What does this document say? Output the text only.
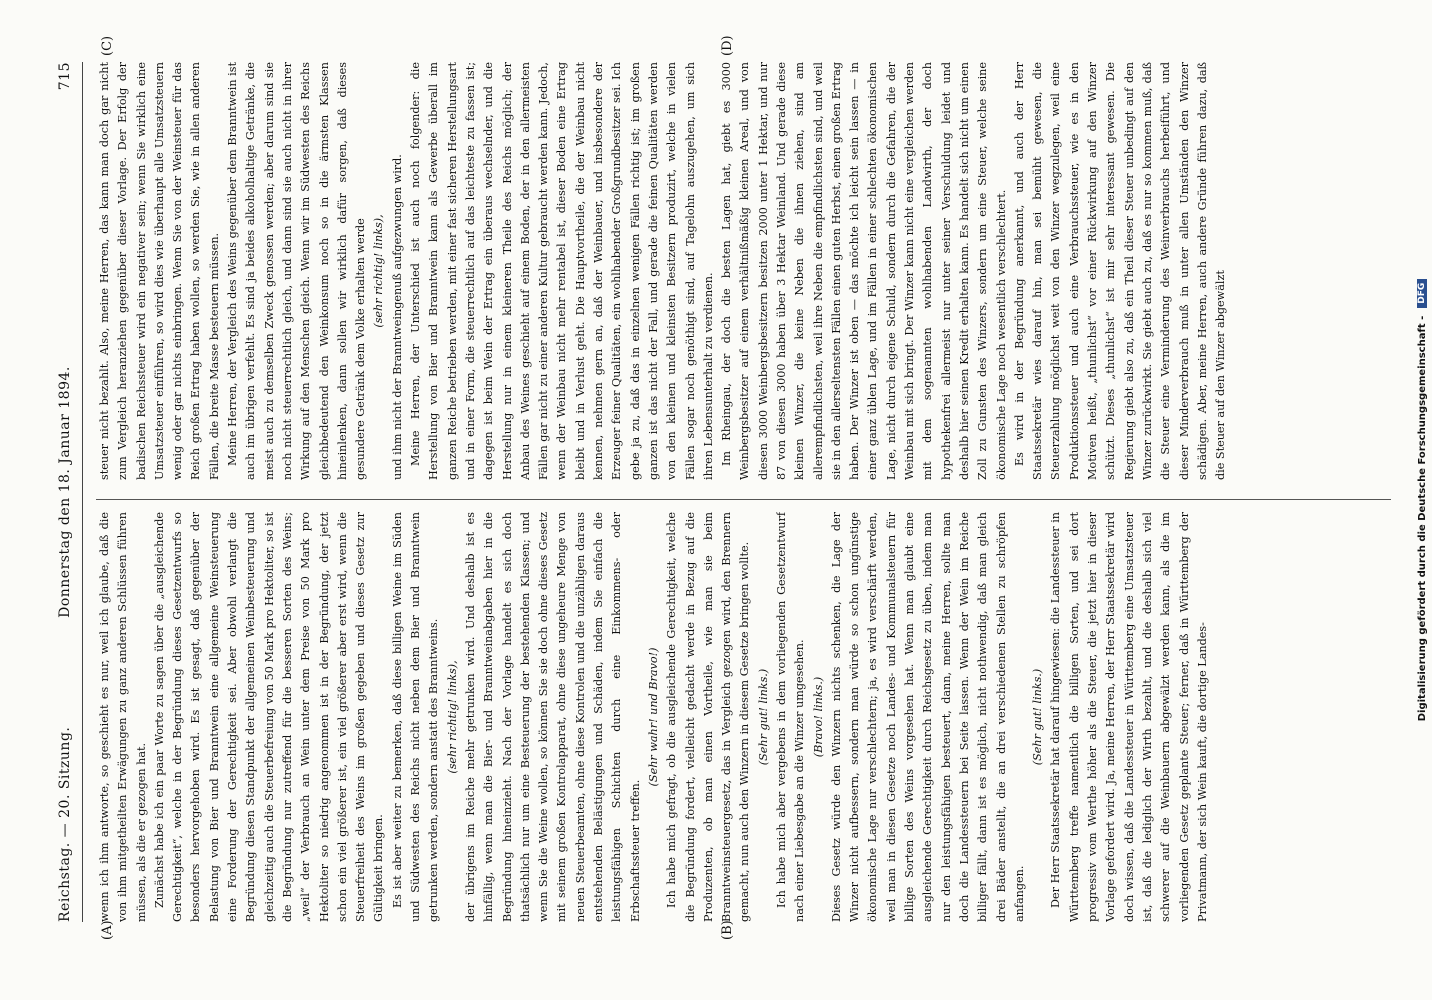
Reichstag. — 20. Sitzung.
Donnerstag den 18. Januar 1894.
715
(A)	(B)
(C)	(D)

wenn ich ihm antworte, so geschieht es nur, weil ich glaube, daß die von ihm mitgetheilten Erwägungen zu ganz anderen Schlüssen führen müssen, als die er gezogen hat. Zunächst habe ich ein paar Worte zu sagen über die „ausgleichende Gerechtigkeit“, welche in der Begründung dieses Gesetzentwurfs so besonders hervorgehoben wird. Es ist gesagt, daß gegenüber der Belastung von Bier und Branntwein eine allgemeine Weinsteuerung eine Forderung der Gerechtigkeit sei. Aber obwohl verlangt die Begründung diesen Standpunkt der allgemeinen Weinbesteuerung und gleichzeitig auch die Steuerbefreiung von 50 Mark pro Hektoliter, so ist die Begründung nur zutreffend für die besseren Sorten des Weins; „weil“ der Verbrauch an Wein unter dem Preise von 50 Mark pro Hektoliter so niedrig angenommen ist in der Begründung, der jetzt schon ein viel größerer ist, ein viel größerer aber erst wird, wenn die Steuerfreiheit des Weins im großen gegeben und dieses Gesetz zur Gültigkeit bringen. Es ist aber weiter zu bemerken, daß diese billigen Weine im Süden und Südwesten des Reichs nicht neben dem Bier und Branntwein getrunken werden, sondern anstatt des Branntweins. (sehr richtig! links), der übrigens im Reiche mehr getrunken wird. Und deshalb ist es hinfällig, wenn man die Bier- und Branntweinabgaben hier in die Begründung hineinzieht. Nach der Vorlage handelt es sich doch thatsächlich nur um eine Besteuerung der bestehenden Klassen; und wenn Sie die Weine wollen, so können Sie sie doch ohne dieses Gesetz mit seinem großen Kontrolapparat, ohne diese ungeheure Menge von neuen Steuerbeamten, ohne diese Kontrolen und die unzähligen daraus entstehenden Belästigungen und Schäden, indem Sie einfach die leistungsfähigen Schichten durch eine Einkommens- oder Erbschaftssteuer treffen.

(Sehr wahr! und Bravo!) Ich habe mich gefragt, ob die ausgleichende Gerechtigkeit, welche die Begründung fordert, vielleicht gedacht werde in Bezug auf die Produzenten, ob man einen Vortheile, wie man sie beim Branntweinsteuergesetz, das in Vergleich gezogen wird, den Brennern gemacht, nun auch den Winzern in diesem Gesetze bringen wollte. (Sehr gut! links.) Ich habe mich aber vergebens in dem vorliegenden Gesetzentwurf nach einer Liebesgabe an die Winzer umgesehen. (Bravo! links.) Dieses Gesetz würde den Winzern nichts schenken, die Lage der Winzer nicht aufbessern, sondern man würde so schon ungünstige ökonomische Lage nur verschlechtern; ja, es wird verschärft werden, weil man in diesen Gesetze noch Landes- und Kommunalsteuern für billige Sorten des Weins vorgesehen hat. Wenn man glaubt eine ausgleichende Gerechtigkeit durch Reichsgesetz zu üben, indem man nur den leistungsfähigen besteuert, dann, meine Herren, sollte man doch die Landessteuern bei Seite lassen. Wenn der Wein im Reiche billiger fällt, dann ist es möglich, nicht nothwendig, daß man gleich drei Bäder anstellt, die an drei verschiedenen Stellen zu schröpfen anfangen.

(Sehr gut! links.) Der Herr Staatssekretär hat darauf hingewiesen: die Landessteuer in Württemberg treffe namentlich die billigen Sorten, und sei dort progressiv vom Werthe höher als die Steuer, die jetzt hier in dieser Vorlage gefordert wird. Ja, meine Herren, der Herr Staatssekretär wird doch wissen, daß die Landessteuer in Württemberg eine Umsatzsteuer ist, daß die lediglich der Wirth bezahlt, und die deshalb sich viel schwerer auf die Weinbauern abgewälzt werden kann, als die im vorliegenden Gesetz geplante Steuer; ferner, daß in Württemberg der Privatmann, der sich Wein kauft, die dortige Landes-

steuer nicht bezahlt. Also, meine Herren, das kann man doch gar nicht zum Vergleich heranziehen gegenüber dieser Vorlage. Der Erfolg der badischen Reichssteuer wird ein negativer sein; wenn Sie wirklich eine Umsatzsteuer einführen, so wird dies wie überhaupt alle Umsatzsteuern wenig oder gar nichts einbringen. Wenn Sie von der Weinsteuer für das Reich großen Ertrag haben wollen, so werden Sie, wie in allen anderen Fällen, die breite Masse besteuern müssen. Meine Herren, der Vergleich des Weins gegenüber dem Branntwein ist auch im übrigen verfehlt. Es sind ja beides alkoholhaltige Getränke, die meist auch zu demselben Zweck genossen werden; aber darum sind sie noch nicht steuerrechtlich gleich, und dann sind sie auch nicht in ihrer Wirkung auf den Menschen gleich. Wenn wir im Südwesten des Reichs gleichbedeutend den Weinkonsum noch so in die ärmsten Klassen hineinlenken, dann sollen wir wirklich dafür sorgen, daß dieses gesundere Getränk dem Volke erhalten werde (sehr richtig! links), und ihm nicht der Branntweingenuß aufgezwungen wird. Meine Herren, der Unterschied ist auch noch folgender: die Herstellung von Bier und Branntwein kann als Gewerbe überall im ganzen Reiche betrieben werden, mit einer fast sicheren Herstellungsart und in einer Form, die steuerrechtlich auf das leichteste zu fassen ist; dagegen ist beim Wein der Ertrag ein überaus wechselnder, und die Herstellung nur in einem kleineren Theile des Reichs möglich; der Anbau des Weines geschieht auf einem Boden, der in den allermeisten Fällen gar nicht zu einer anderen Kultur gebraucht werden kann. Jedoch, wenn der Weinbau nicht mehr rentabel ist, dieser Boden eine Ertrag bleibt und in Verlust geht. Die Hauptvortheile, die der Weinbau nicht kennen, nehmen gern an, daß der Weinbauer, und insbesondere der Erzeuger feiner Qualitäten, ein wohlhabender Großgrundbesitzer sei. Ich gebe ja zu, daß das in einzelnen wenigen Fällen richtig ist; im großen ganzen ist das nicht der Fall, und gerade die feinen Qualitäten werden von den kleinen und kleinsten Besitzern produzirt, welche in vielen Fällen sogar noch genöthigt sind, auf Tagelohn auszugehen, um sich ihren Lebensunterhalt zu verdienen. Im Rheingau, der doch die besten Lagen hat, giebt es 3000 Weinbergsbesitzer auf einem verhältnißmäßig kleinen Areal, und von diesen 3000 Weinbergsbesitzern besitzen 2000 unter 1 Hektar, und nur 87 von diesen 3000 haben über 3 Hektar Weinland. Und gerade diese kleinen Winzer, die keine Neben die ihnen ziehen, sind am allerempfindlichsten, weil ihre Neben die empfindlichsten sind, und weil sie in den allerseltensten Fällen einen guten Herbst, einen großen Ertrag haben. Der Winzer ist oben — das möchte ich leicht sein lassen — in einer ganz üblen Lage, und im Fällen in einer schlechten ökonomischen Lage, nicht durch eigene Schuld, sondern durch die Gefahren, die der Weinbau mit sich bringt. Der Winzer kann nicht eine vergleichen werden mit dem sogenannten wohlhabenden Landwirth, der doch hypothekenfrei allermeist nur unter seiner Verschuldung leidet und deshalb hier seinen Kredit erhalten kann. Es handelt sich nicht um einen Zoll zu Gunsten des Winzers, sondern um eine Steuer, welche seine ökonomische Lage noch wesentlich verschlechtert. Es wird in der Begründung anerkannt, und auch der Herr Staatssekretär wies darauf hin, man sei bemüht gewesen, die Steuerzahlung möglichst weit von den Winzer wegzulegen, weil eine Produktionssteuer und auch eine Verbrauchssteuer, wie es in den Motiven heißt, „thunlichst“ vor einer Rückwirkung auf den Winzer schützt. Dieses „thunlichst“ ist mir sehr interessant gewesen. Die Regierung giebt also zu, daß ein Theil dieser Steuer unbedingt auf den Winzer zurückwirkt. Sie giebt auch zu, daß es nur so kommen muß, daß die Steuer eine Verminderung des Weinverbrauchs herbeiführt, und dieser Minderverbrauch muß in unter allen Umständen den Winzer schädigen. Aber, meine Herren, auch andere Gründe führen dazu, daß die Steuer auf den Winzer abgewälzt	Digitalisierung gefördert durch die Deutsche Forschungsgemeinschaft -
DFG
